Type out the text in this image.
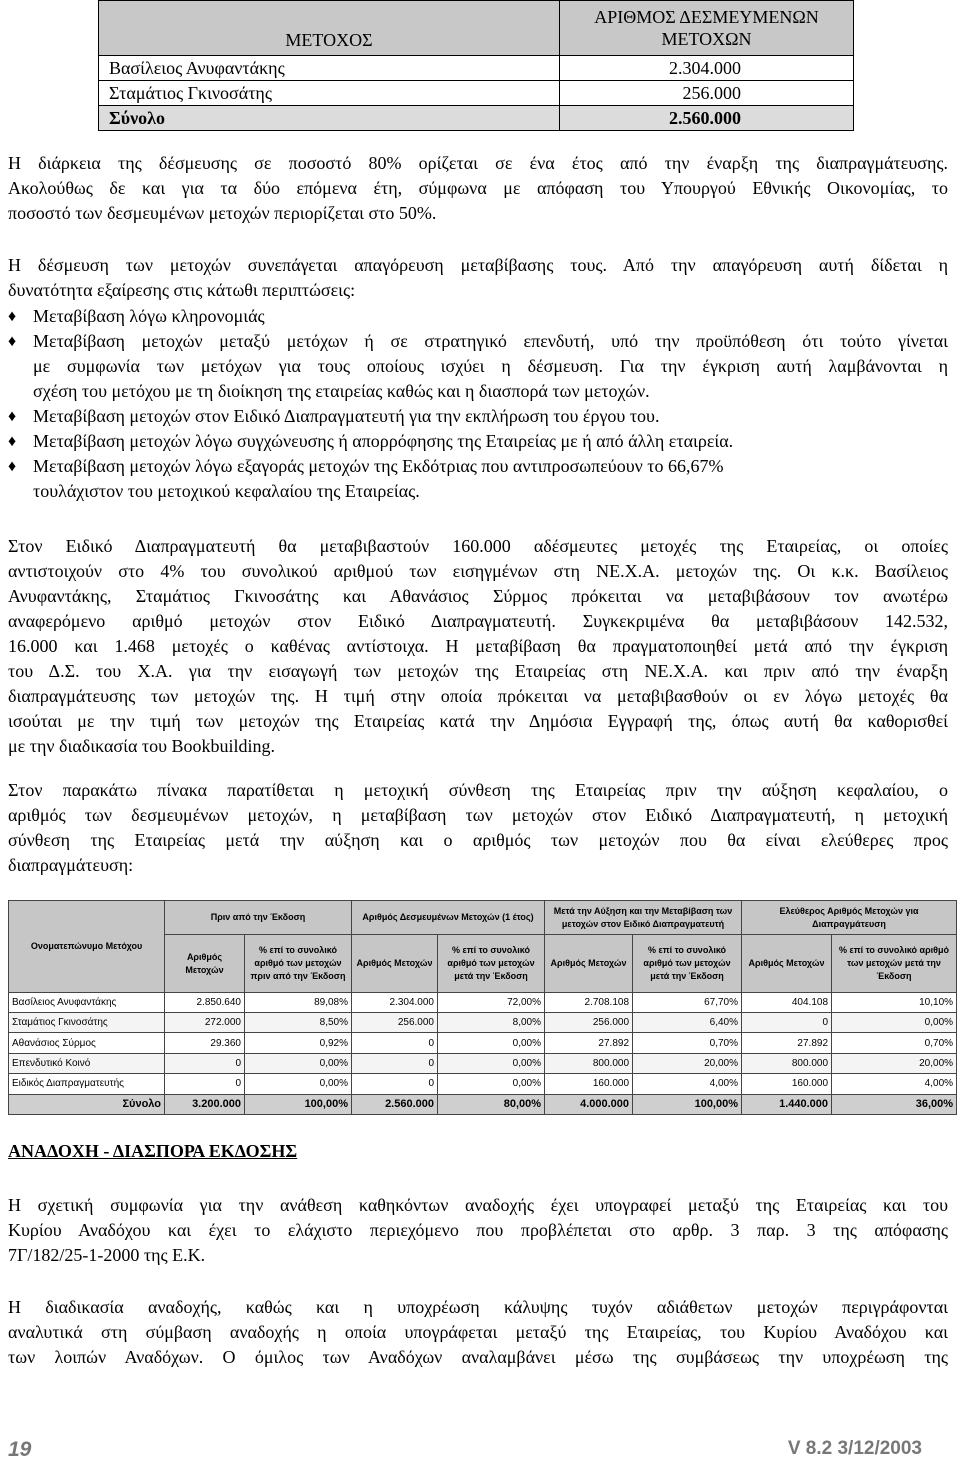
ΜΕΤΟΧΟΣ	ΑΡΙΘΜΟΣ ΔΕΣΜΕΥΜΕΝΩΝ ΜΕΤΟΧΩΝ
Βασίλειος Ανυφαντάκης	2.304.000
Σταμάτιος Γκινοσάτης	256.000
Σύνολο	2.560.000
Η διάρκεια της δέσμευσης σε ποσοστό 80% ορίζεται σε ένα έτος από την έναρξη της διαπραγμάτευσης.
Ακολούθως δε και για τα δύο επόμενα έτη, σύμφωνα με απόφαση του Υπουργού Εθνικής Οικονομίας, το
ποσοστό των δεσμευμένων μετοχών περιορίζεται στο 50%.
Η δέσμευση των μετοχών συνεπάγεται απαγόρευση μεταβίβασης τους. Από την απαγόρευση αυτή δίδεται η
δυνατότητα εξαίρεσης στις κάτωθι περιπτώσεις:
♦ Μεταβίβαση λόγω κληρονομιάς
♦ Μεταβίβαση μετοχών μεταξύ μετόχων ή σε στρατηγικό επενδυτή, υπό την προϋπόθεση ότι τούτο γίνεται
με συμφωνία των μετόχων για τους οποίους ισχύει η δέσμευση. Για την έγκριση αυτή λαμβάνονται η
σχέση του μετόχου με τη διοίκηση της εταιρείας καθώς και η διασπορά των μετοχών.
♦ Μεταβίβαση μετοχών στον Ειδικό Διαπραγματευτή για την εκπλήρωση του έργου του.
♦ Μεταβίβαση μετοχών λόγω συγχώνευσης ή απορρόφησης της Εταιρείας με ή από άλλη εταιρεία.
♦ Μεταβίβαση μετοχών λόγω εξαγοράς μετοχών της Εκδότριας που αντιπροσωπεύουν το 66,67%
τουλάχιστον του μετοχικού κεφαλαίου της Εταιρείας.
Στον Ειδικό Διαπραγματευτή θα μεταβιβαστούν 160.000 αδέσμευτες μετοχές της Εταιρείας, οι οποίες
αντιστοιχούν στο 4% του συνολικού αριθμού των εισηγμένων στη ΝΕ.Χ.Α. μετοχών της. Οι κ.κ. Βασίλειος
Ανυφαντάκης, Σταμάτιος Γκινοσάτης και Αθανάσιος Σύρμος πρόκειται να μεταβιβάσουν τον ανωτέρω
αναφερόμενο αριθμό μετοχών στον Ειδικό Διαπραγματευτή. Συγκεκριμένα θα μεταβιβάσουν 142.532,
16.000 και 1.468 μετοχές ο καθένας αντίστοιχα. Η μεταβίβαση θα πραγματοποιηθεί μετά από την έγκριση
του Δ.Σ. του Χ.Α. για την εισαγωγή των μετοχών της Εταιρείας στη ΝΕ.Χ.Α. και πριν από την έναρξη
διαπραγμάτευσης των μετοχών της. Η τιμή στην οποία πρόκειται να μεταβιβασθούν οι εν λόγω μετοχές θα
ισούται με την τιμή των μετοχών της Εταιρείας κατά την Δημόσια Εγγραφή της, όπως αυτή θα καθορισθεί
με την διαδικασία του Bookbuilding.
Στον παρακάτω πίνακα παρατίθεται η μετοχική σύνθεση της Εταιρείας πριν την αύξηση κεφαλαίου, ο
αριθμός των δεσμευμένων μετοχών, η μεταβίβαση των μετοχών στον Ειδικό Διαπραγματευτή, η μετοχική
σύνθεση της Εταιρείας μετά την αύξηση και ο αριθμός των μετοχών που θα είναι ελεύθερες προς
διαπραγμάτευση:
Ονοματεπώνυμο Μετόχου	Πριν από την Έκδοση		Αριθμός Δεσμευμένων Μετοχών (1 έτος)		Μετά την Αύξηση και την Μεταβίβαση των μετοχών στον Ειδικό Διαπραγματευτή		Ελεύθερος Αριθμός Μετοχών για Διαπραγμάτευση	
	Αριθμός Μετοχών	% επί το συνολικό αριθμό των μετοχών πριν από την Έκδοση	Αριθμός Μετοχών	% επί το συνολικό αριθμό των μετοχών μετά την Έκδοση	Αριθμός Μετοχών	% επί το συνολικό αριθμό των μετοχών μετά την Έκδοση	Αριθμός Μετοχών	% επί το συνολικό αριθμό των μετοχών μετά την Έκδοση
Βασίλειος Ανυφαντάκης	2.850.640	89,08%	2.304.000	72,00%	2.708.108	67,70%	404.108	10,10%
Σταμάτιος Γκινοσάτης	272.000	8,50%	256.000	8,00%	256.000	6,40%	0	0,00%
Αθανάσιος Σύρμος	29.360	0,92%	0	0,00%	27.892	0,70%	27.892	0,70%
Επενδυτικό Κοινό	0	0,00%	0	0,00%	800.000	20,00%	800.000	20,00%
Ειδικός Διαπραγματευτής	0	0,00%	0	0,00%	160.000	4,00%	160.000	4,00%
Σύνολο	3.200.000	100,00%	2.560.000	80,00%	4.000.000	100,00%	1.440.000	36,00%
ΑΝΑΔΟΧΗ - ΔΙΑΣΠΟΡΑ ΕΚΔΟΣΗΣ
Η σχετική συμφωνία για την ανάθεση καθηκόντων αναδοχής έχει υπογραφεί μεταξύ της Εταιρείας και του
Κυρίου Αναδόχου και έχει το ελάχιστο περιεχόμενο που προβλέπεται στο αρθρ. 3 παρ. 3 της απόφασης
7Γ/182/25-1-2000 της Ε.Κ.
Η διαδικασία αναδοχής, καθώς και η υποχρέωση κάλυψης τυχόν αδιάθετων μετοχών περιγράφονται
αναλυτικά στη σύμβαση αναδοχής η οποία υπογράφεται μεταξύ της Εταιρείας, του Κυρίου Αναδόχου και
των λοιπών Αναδόχων. Ο όμιλος των Αναδόχων αναλαμβάνει μέσω της συμβάσεως την υποχρέωση της
19	V 8.2 3/12/2003
